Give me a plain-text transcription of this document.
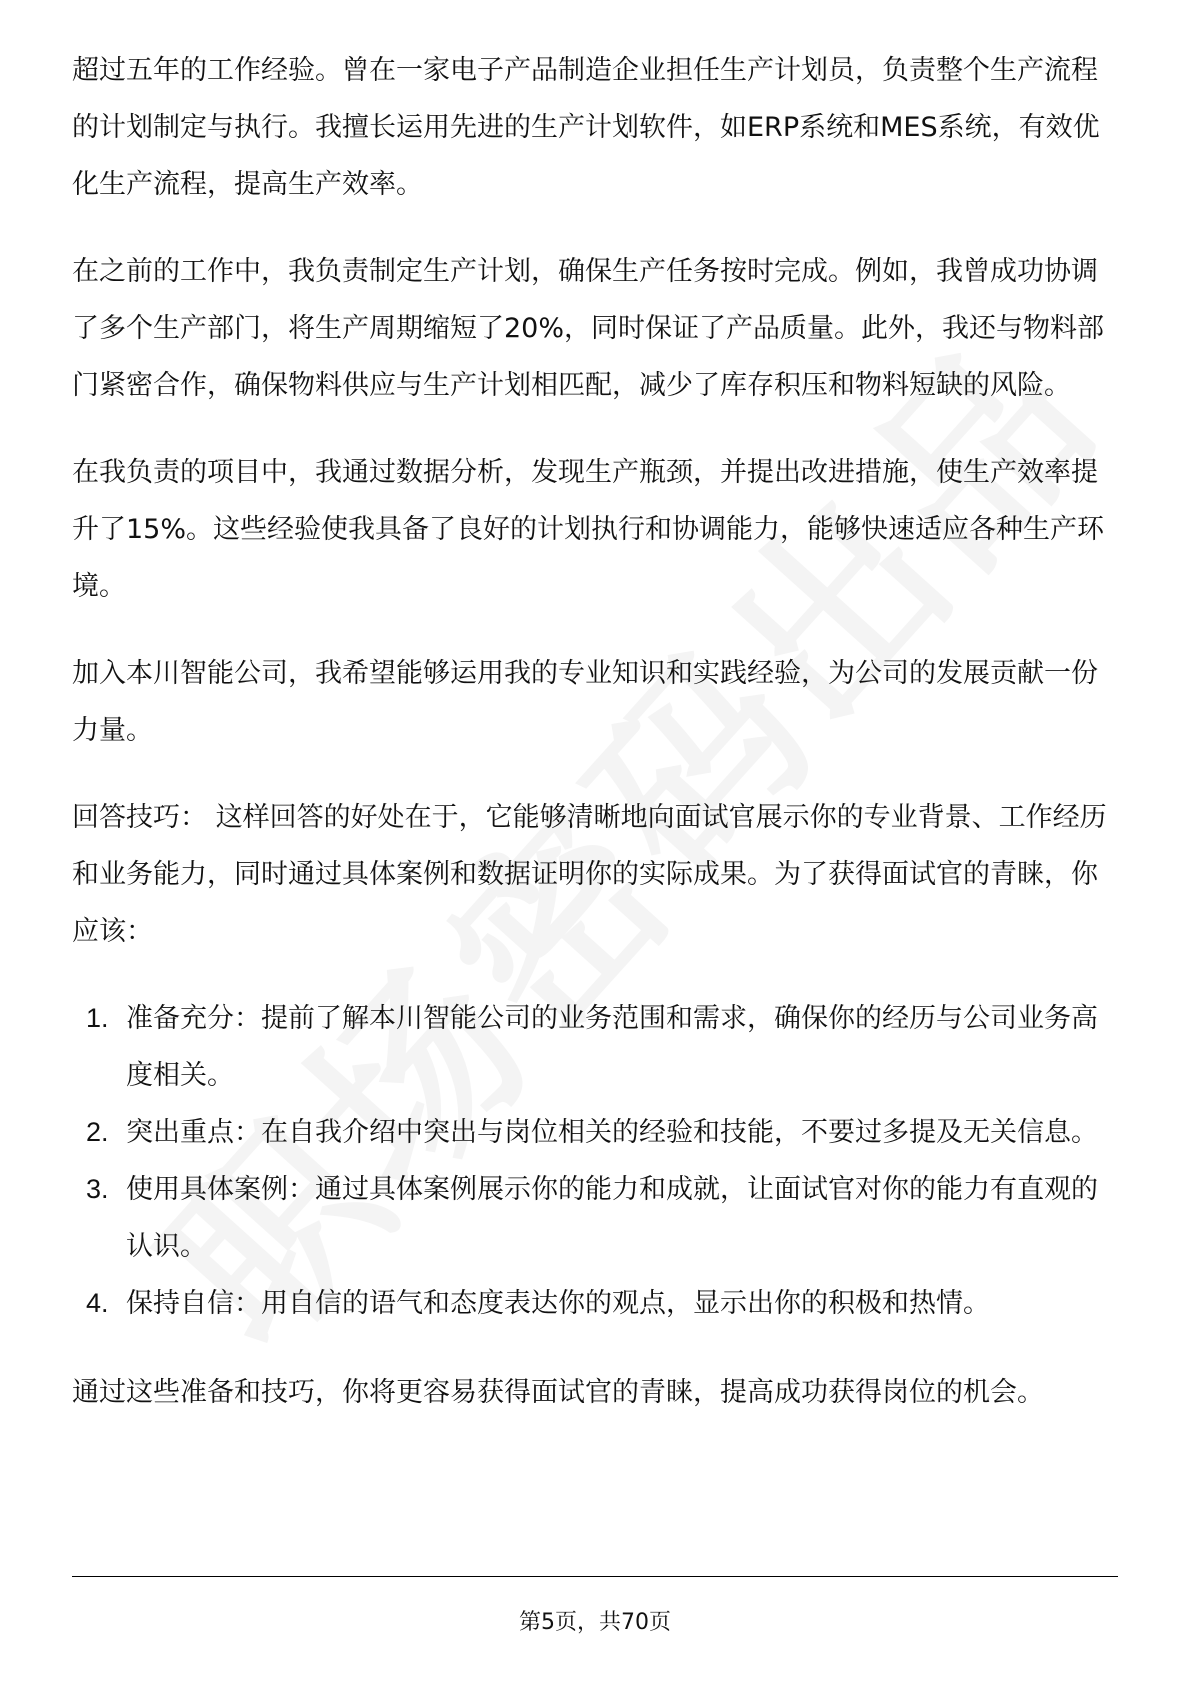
超过五年的工作经验。曾在一家电子产品制造企业担任生产计划员，负责整个生产流程的计划制定与执行。我擅长运用先进的生产计划软件，如ERP系统和MES系统，有效优化生产流程，提高生产效率。

在之前的工作中，我负责制定生产计划，确保生产任务按时完成。例如，我曾成功协调了多个生产部门，将生产周期缩短了20%，同时保证了产品质量。此外，我还与物料部门紧密合作，确保物料供应与生产计划相匹配，减少了库存积压和物料短缺的风险。

在我负责的项目中，我通过数据分析，发现生产瓶颈，并提出改进措施，使生产效率提升了15%。这些经验使我具备了良好的计划执行和协调能力，能够快速适应各种生产环境。

加入本川智能公司，我希望能够运用我的专业知识和实践经验，为公司的发展贡献一份力量。

回答技巧： 这样回答的好处在于，它能够清晰地向面试官展示你的专业背景、工作经历和业务能力，同时通过具体案例和数据证明你的实际成果。为了获得面试官的青睐，你应该：

1. 准备充分：提前了解本川智能公司的业务范围和需求，确保你的经历与公司业务高度相关。
2. 突出重点：在自我介绍中突出与岗位相关的经验和技能，不要过多提及无关信息。
3. 使用具体案例：通过具体案例展示你的能力和成就，让面试官对你的能力有直观的认识。
4. 保持自信：用自信的语气和态度表达你的观点，显示出你的积极和热情。

通过这些准备和技巧，你将更容易获得面试官的青睐，提高成功获得岗位的机会。

第5页，共70页
